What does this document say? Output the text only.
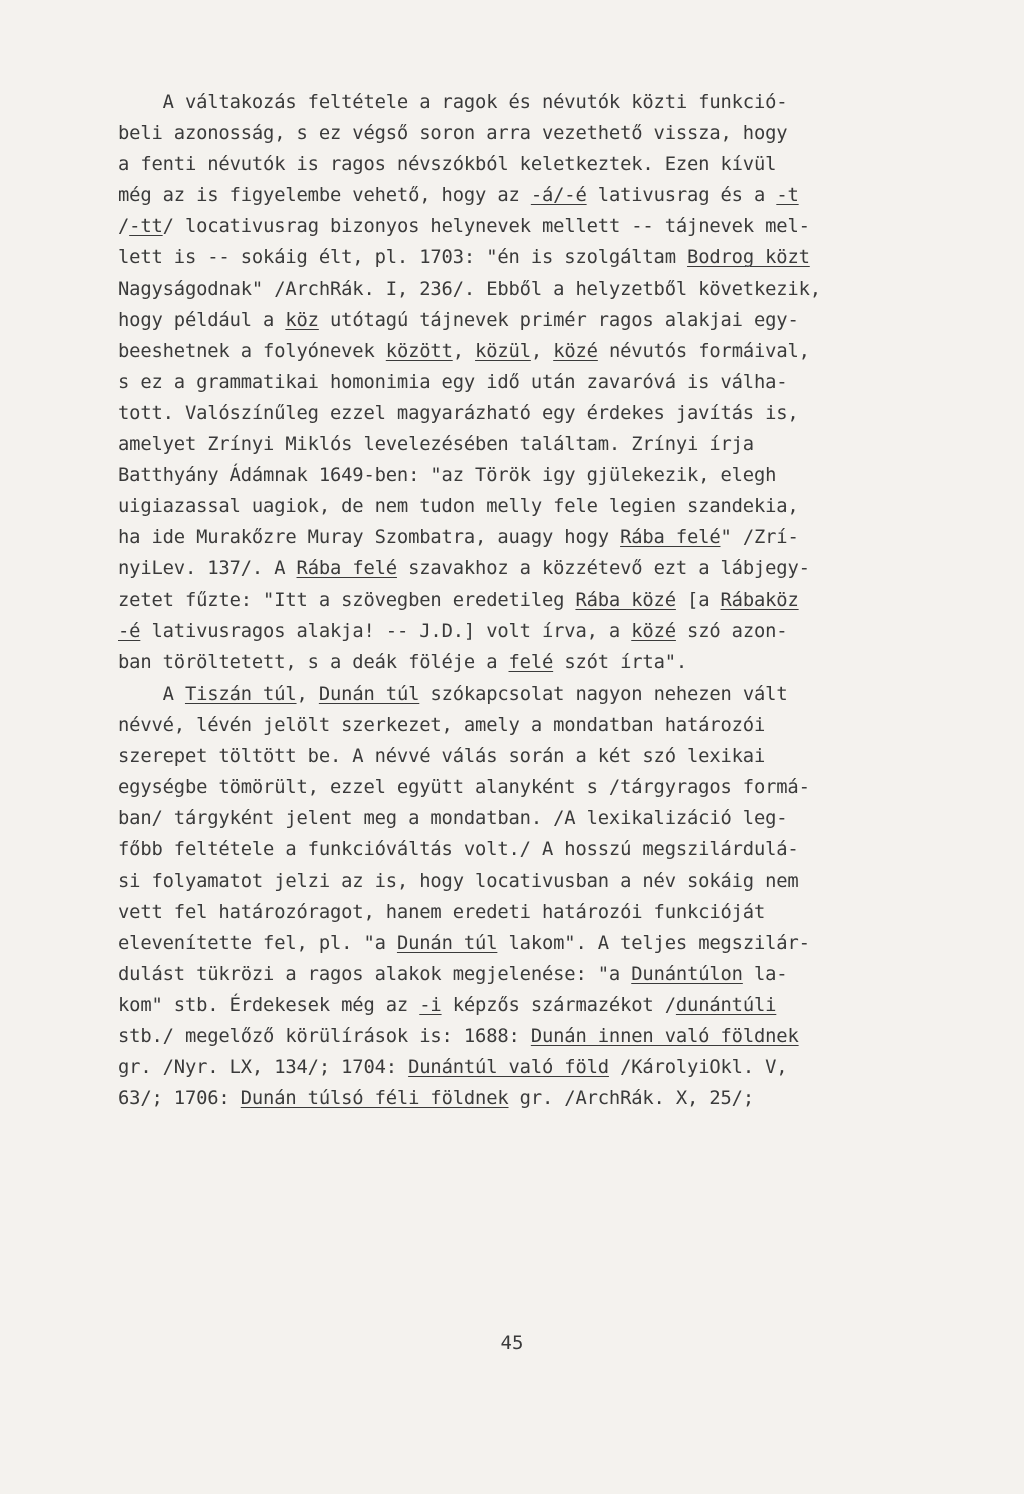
A váltakozás feltétele a ragok és névutók közti funkció-
beli azonosság, s ez végső soron arra vezethető vissza, hogy
a fenti névutók is ragos névszókból keletkeztek. Ezen kívül
még az is figyelembe vehető, hogy az -á/-é lativusrag és a -t
/-tt/ locativusrag bizonyos helynevek mellett -- tájnevek mel-
lett is -- sokáig élt, pl. 1703: "én is szolgáltam Bodrog közt
Nagyságodnak" /ArchRák. I, 236/. Ebből a helyzetből következik,
hogy például a köz utótagú tájnevek primér ragos alakjai egy-
beeshetnek a folyónevek között, közül, közé névutós formáival,
s ez a grammatikai homonimia egy idő után zavaróvá is válha-
tott. Valószínűleg ezzel magyarázható egy érdekes javítás is,
amelyet Zrínyi Miklós levelezésében találtam. Zrínyi írja
Batthyány Ádámnak 1649-ben: "az Török igy gjülekezik, elegh
uigiazassal uagiok, de nem tudon melly fele legien szandekia,
ha ide Murakőzre Muray Szombatra, auagy hogy Rába felé" /Zrí-
nyiLev. 137/. A Rába felé szavakhoz a közzétevő ezt a lábjegy-
zetet fűzte: "Itt a szövegben eredetileg Rába közé [a Rábaköz
-é lativusragos alakja! -- J.D.] volt írva, a közé szó azon-
ban töröltetett, s a deák föléje a felé szót írta".
A Tiszán túl, Dunán túl szókapcsolat nagyon nehezen vált
névvé, lévén jelölt szerkezet, amely a mondatban határozói
szerepet töltött be. A névvé válás során a két szó lexikai
egységbe tömörült, ezzel együtt alanyként s /tárgyragos formá-
ban/ tárgyként jelent meg a mondatban. /A lexikalizáció leg-
főbb feltétele a funkcióváltás volt./ A hosszú megszilárdulá-
si folyamatot jelzi az is, hogy locativusban a név sokáig nem
vett fel határozóragot, hanem eredeti határozói funkcióját
elevenítette fel, pl. "a Dunán túl lakom". A teljes megszilár-
dulást tükrözi a ragos alakok megjelenése: "a Dunántúlon la-
kom" stb. Érdekesek még az -i képzős származékot /dunántúli
stb./ megelőző körülírások is: 1688: Dunán innen való földnek
gr. /Nyr. LX, 134/; 1704: Dunántúl való föld /KárolyiOkl. V,
63/; 1706: Dunán túlsó féli földnek gr. /ArchRák. X, 25/;
45
